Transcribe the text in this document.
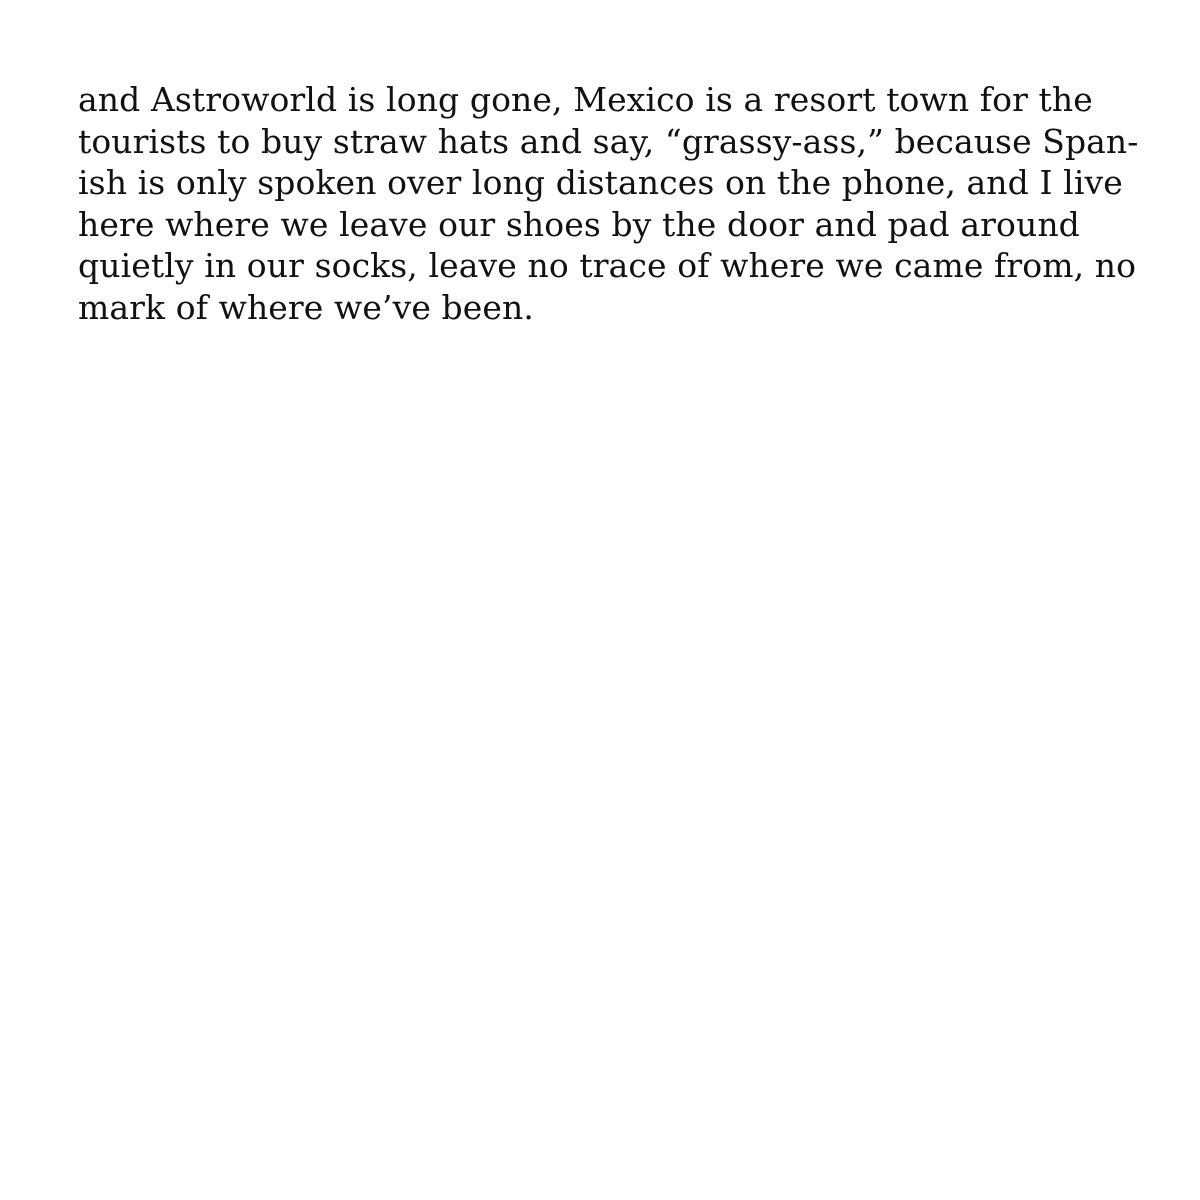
and Astroworld is long gone, Mexico is a resort town for the
tourists to buy straw hats and say, “grassy-ass,” because Span-
ish is only spoken over long distances on the phone, and I live
here where we leave our shoes by the door and pad around
quietly in our socks, leave no trace of where we came from, no
mark of where we’ve been.
